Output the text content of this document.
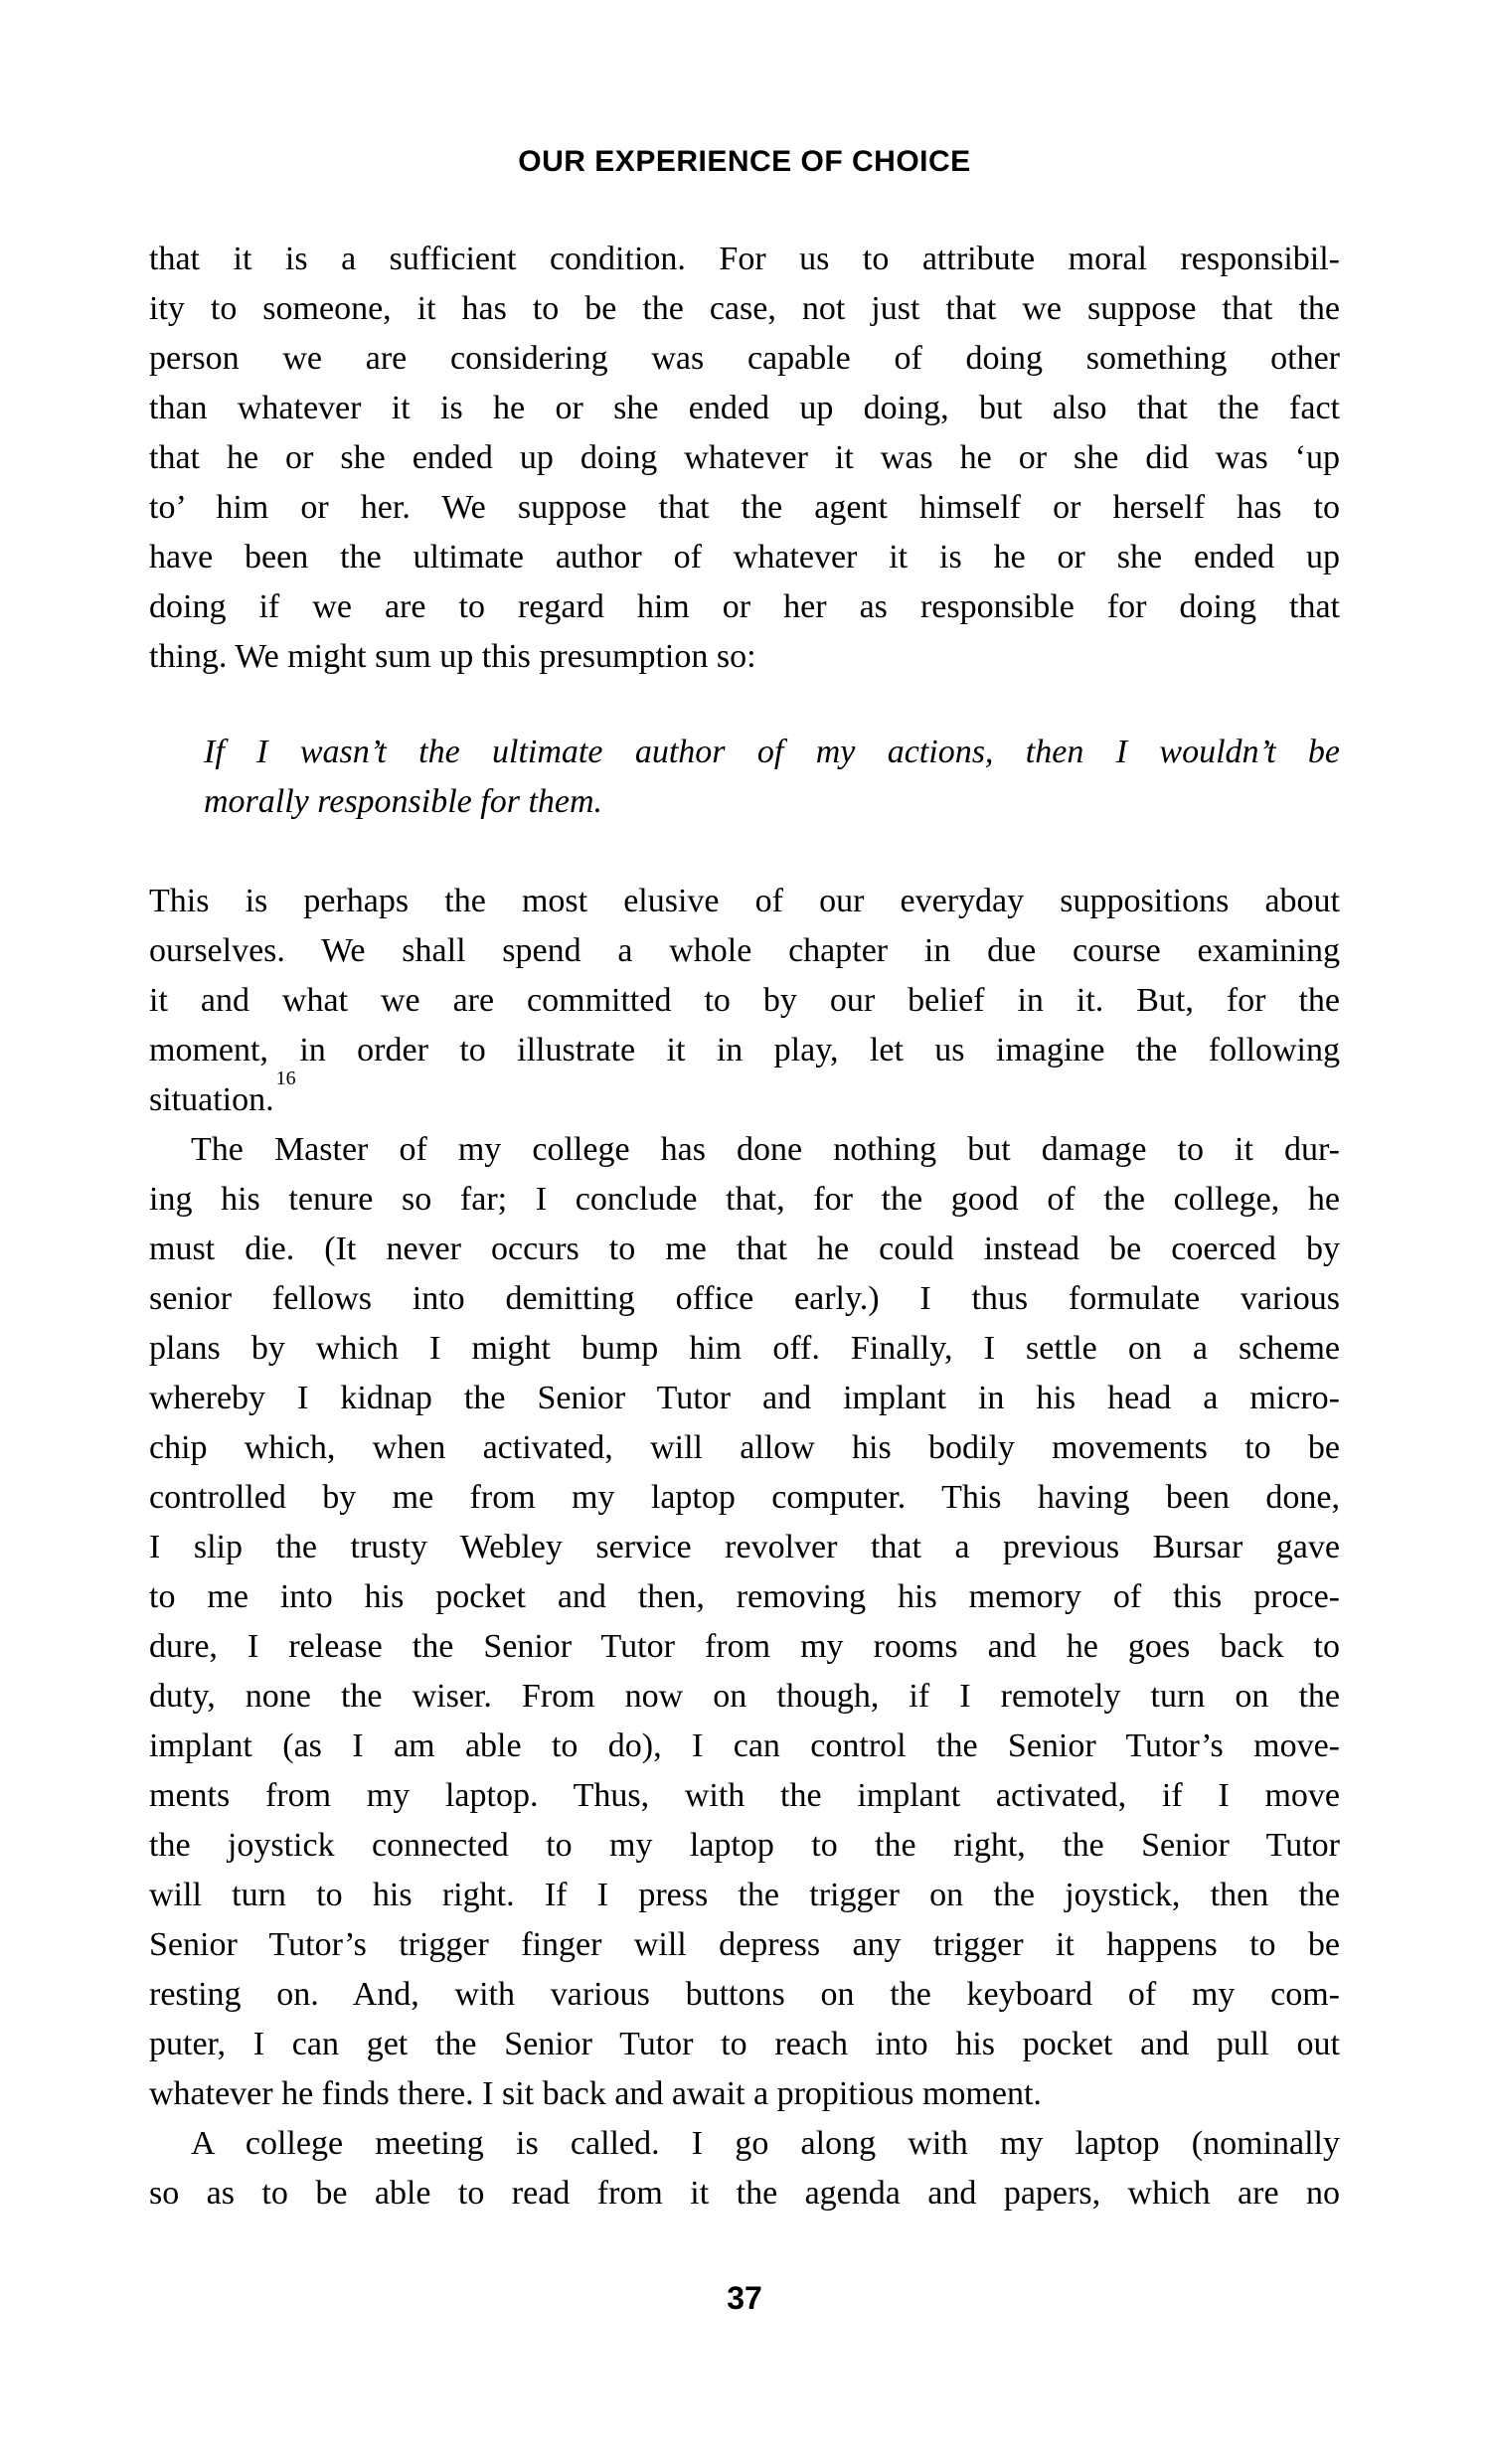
OUR EXPERIENCE OF CHOICE
that it is a sufficient condition. For us to attribute moral responsibil-
ity to someone, it has to be the case, not just that we suppose that the
person we are considering was capable of doing something other
than whatever it is he or she ended up doing, but also that the fact
that he or she ended up doing whatever it was he or she did was ‘up
to’ him or her. We suppose that the agent himself or herself has to
have been the ultimate author of whatever it is he or she ended up
doing if we are to regard him or her as responsible for doing that
thing. We might sum up this presumption so:
If I wasn’t the ultimate author of my actions, then I wouldn’t be
morally responsible for them.
This is perhaps the most elusive of our everyday suppositions about
ourselves. We shall spend a whole chapter in due course examining
it and what we are committed to by our belief in it. But, for the
moment, in order to illustrate it in play, let us imagine the following
situation.$^{16}$
The Master of my college has done nothing but damage to it dur-
ing his tenure so far; I conclude that, for the good of the college, he
must die. (It never occurs to me that he could instead be coerced by
senior fellows into demitting office early.) I thus formulate various
plans by which I might bump him off. Finally, I settle on a scheme
whereby I kidnap the Senior Tutor and implant in his head a micro-
chip which, when activated, will allow his bodily movements to be
controlled by me from my laptop computer. This having been done,
I slip the trusty Webley service revolver that a previous Bursar gave
to me into his pocket and then, removing his memory of this proce-
dure, I release the Senior Tutor from my rooms and he goes back to
duty, none the wiser. From now on though, if I remotely turn on the
implant (as I am able to do), I can control the Senior Tutor’s move-
ments from my laptop. Thus, with the implant activated, if I move
the joystick connected to my laptop to the right, the Senior Tutor
will turn to his right. If I press the trigger on the joystick, then the
Senior Tutor’s trigger finger will depress any trigger it happens to be
resting on. And, with various buttons on the keyboard of my com-
puter, I can get the Senior Tutor to reach into his pocket and pull out
whatever he finds there. I sit back and await a propitious moment.
A college meeting is called. I go along with my laptop (nominally
so as to be able to read from it the agenda and papers, which are no
37
